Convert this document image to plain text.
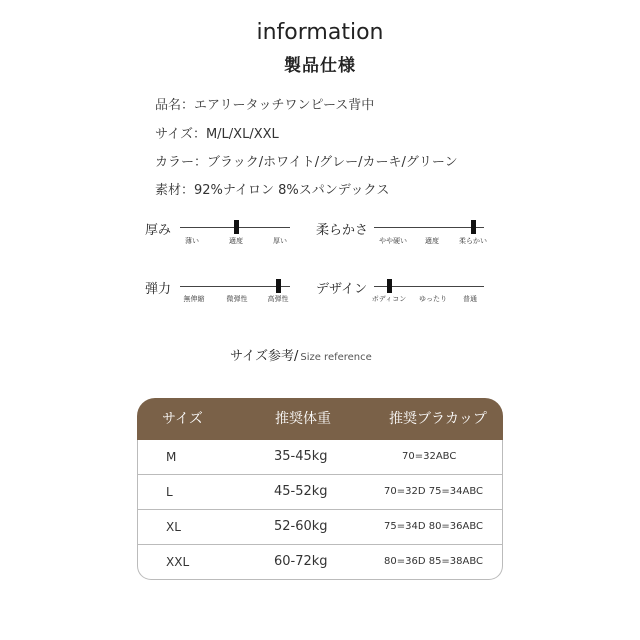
information
製品仕様
品名：エアリータッチワンピース背中
サイズ：M/L/XL/XXL
カラー：ブラック/ホワイト/グレー/カーキ/グリーン
素材：92%ナイロン 8%スパンデックス
厚み
薄い	適度	厚い
柔らかさ
やや硬い	適度	柔らかい
弾力
無伸縮	微弾性	高弾性
デザイン
ボディコン ゆったり 普通
サイズ参考/ Size reference
サイズ	推奨体重	推奨ブラカップ
M	35-45kg	70=32ABC
L	45-52kg	70=32D 75=34ABC
XL	52-60kg	75=34D 80=36ABC
XXL	60-72kg	80=36D 85=38ABC
